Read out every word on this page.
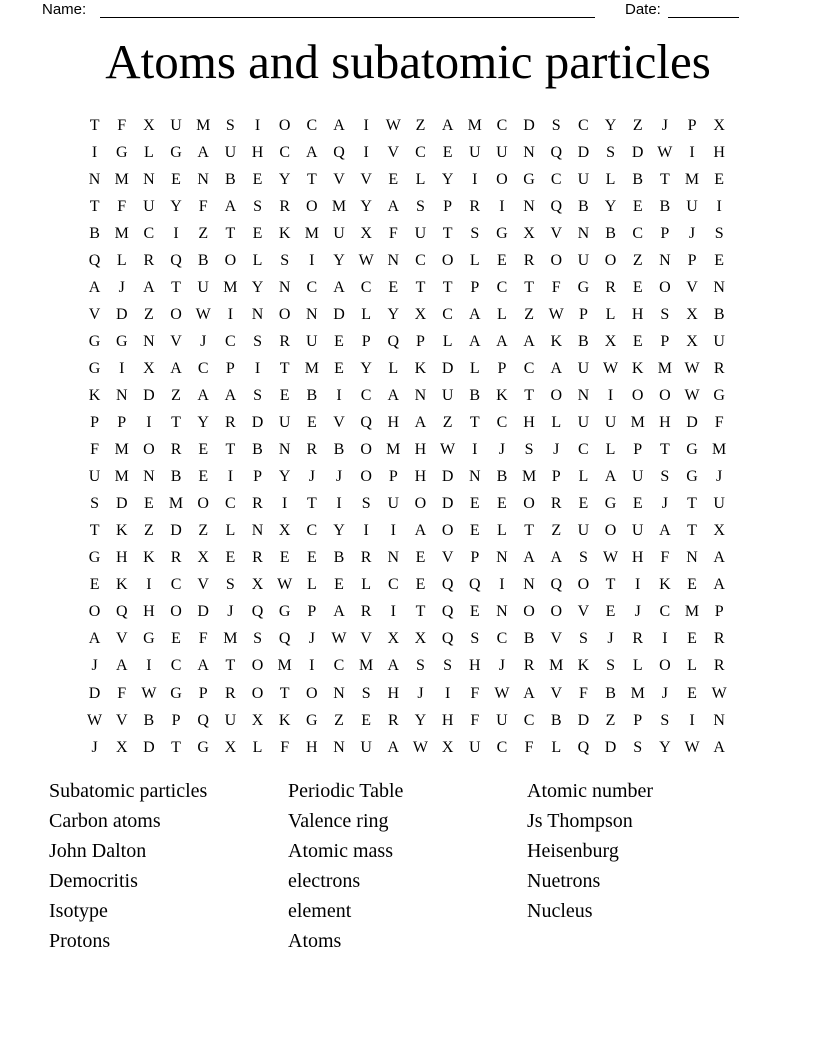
Name:	Date:
Atoms and subatomic particles
T	F	X U M S	I	O	C	A	I	W Z	A M C	D	S	C	Y	Z	J	P	X
I	G	L	G A U H	C	A Q	I	V	C	E	U U N Q D	S	D W	I	H
N M N	E	N	B	E	Y	T	V V	E	L	Y	I	O G	C	U	L	B	T M E
T	F	U Y	F	A	S	R	O M Y A	S	P	R	I	N Q	B	Y	E	B	U	I
B M C	I	Z	T	E	K M U X	F	U	T	S	G X V N	B	C	P	J	S
Q	L	R	Q	B	O	L	S	I	Y W N	C	O	L	E	R	O U O	Z	N	P	E
A	J	A	T	U M Y N	C	A	C	E	T	T	P	C	T	F	G	R	E	O V N
V D	Z	O W	I	N O N D	L	Y X	C	A	L	Z W P	L	H	S	X	B
G G N V	J	C	S	R	U	E	P	Q	P	L	A A A K	B	X	E	P	X U
G	I	X A	C	P	I	T M E	Y	L	K D	L	P	C	A U W K M W R
K N D	Z	A A	S	E	B	I	C	A N U	B	K	T	O N	I	O O W G
P	P	I	T	Y	R	D U	E	V Q H A	Z	T	C	H	L	U U M H D	F
F M O	R	E	T	B	N	R	B	O M H W	I	J	S	J	C	L	P	T	G M
U M N	B	E	I	P	Y	J	J	O	P	H D N	B M P	L	A U	S	G	J
S	D	E M O	C	R	I	T	I	S	U O D	E	E	O	R	E	G	E	J	T	U
T	K	Z	D	Z	L	N X	C	Y	I	I	A O	E	L	T	Z	U O U A	T	X
G H K	R	X	E	R	E	E	B	R	N	E	V	P	N A A	S W H	F	N A
E	K	I	C	V	S	X W L	E	L	C	E	Q Q	I	N Q O	T	I	K	E	A
O Q H O D	J	Q G	P	A	R	I	T	Q	E	N O O V	E	J	C M P
A V G	E	F M S	Q	J	W V X X Q	S	C	B	V	S	J	R	I	E	R
J	A	I	C	A	T	O M	I	C M A	S	S	H	J	R M K	S	L	O	L	R
D	F W G	P	R	O	T	O N	S	H	J	I	F W A V	F	B M	J	E W
W V	B	P	Q U X K G	Z	E	R	Y H	F	U	C	B	D	Z	P	S	I	N
J	X D	T	G X	L	F	H N U A W X U	C	F	L	Q D	S	Y W A
Subatomic particles
Carbon atoms
John Dalton
Democritis
Isotype
Protons
Periodic Table
Valence ring
Atomic mass
electrons
element
Atoms
Atomic number
Js Thompson
Heisenburg
Nuetrons
Nucleus
